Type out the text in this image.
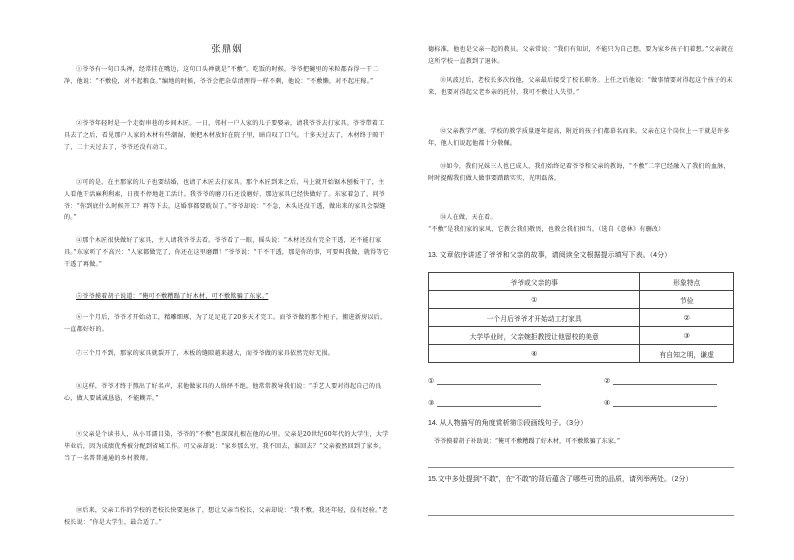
张鼎姻
①爷爷有一句口头禅，经常挂在嘴边，这句口头禅就是“不敷”。吃饭的时候，爷爷把碗里的米粒都吞得一干二净，他说：“不敷俭，对不起粮食。”编地的时候，爷爷会把杂草清理得一样不剩，他说：“不敷懒，对不起庄稼。”
②爷爷年轻时是一个走街串巷的乡间木匠。一日，邻村一户人家的儿子要娶亲，请我爷爷去打家具。爷爷带着工具去了之后，看见那户人家的木材有些潮湿，便把木材放好在院子里，暗自叹了口气。十多天过去了，木材终于晾干了，二十天过去了，爷爷还没有动工。
③可的是，在主那家的儿子也要结婚，也请了木匠去打家具。那个木匠到来之后，马上就开始锯木刨板干了，主人看他干活麻利利索，日夜不停地赶工活计。我爷爷的磨刀石还没磨好，那边家具已经快做好了。东家着急了，问爷爷：“你到底什么时候开工？再等下去，这婚事都要耽误了。”爷爷却说：“不急，木头还没干透，做出来的家具会裂缝的。”
④那个木匠很快做好了家具，主人请我爷爷去看。爷爷看了一眼，摇头说：“木材还没有完全干透，还不能打家具。”东家听了不高兴：“人家都做完了，你还在这里磨蹭！”爷爷说：“干不干透，那是你的事，可要叫我做，就得等它干透了再做。”
⑤爷爷摸着胡子说道：“俺可不敷糟蹋了好木材，可不敷欺骗了东家。”
⑥一个月后，爷爷才开始动工，精雕细琢，为了足足花了20多天才完工。而爷爷做的那个柜子，搬进新房以后，一直都好好的。
⑦三个月不到，那家的家具就裂开了，木板的缝隙越来越大，而爷爷做的家具依然完好无损。
⑧这样，爷爷才终于熬出了好名声，求他做家具的人络绎不绝。他常常教导我们说：“手艺人要对得起自己的良心，做人要诚诚恳恳，不能糊弄。”
⑨父亲是个读书人，从小耳濡目染，爷爷的“不敷”也深深扎根在他的心里。父亲是20世纪60年代的大学生，大学毕业后，因为成绩优秀被分配到省城工作。可父亲却说：“家乡那么穷，我不回去，谁回去？”父亲毅然回到了家乡，当了一名普普通通的乡村教师。
⑩后来，父亲工作的学校的老校长快要退休了，想让父亲当校长，父亲却说：“我不敷，我还年轻，没有经验。”老校长说：“你是大学生，最合适了。”
德标准，他也是父亲一起的教员。父亲常说：“我们有知识，不能只为自己想，要为家乡孩子们着想。”父亲就在这所学校一直教到了退休。
⑪风波过后，老校长多次找他，父亲最后接受了校长职务。上任之后他说：“做事情要对得起这个孩子的未来，也要对得起父老乡亲的托付，我可不敷让人失望。”
⑫父亲教学严谨，学校的教学质量逐年提高，附近的孩子们都慕名而来。父亲在这个岗位上一干就是许多年，他人们说起他都十分敬佩。
⑬如今，我们兄妹三人也已成人，我们始终记着爷爷和父亲的教诲，“不敷”二字已经融入了我们的血脉，时时提醒我们做人做事要踏踏实实、光明磊落。
⑭人在做，天在看。
“不敷”是我们家的家风，它教会我们敬畏，也教会我们担当。（选自《意林》有删改）
13. 文章依序讲述了爷爷和父亲的故事，请阅读全文根据提示填写下表。（4分）
爷爷或父亲的事	形象特点
①	节俭
一个月后爷爷才开始动工打家具	②
大学毕业时，父亲婉拒教授让他留校的美意	③
④	有自知之明，谦虚
①	②
③	④
14. 从人物描写的角度赏析第⑤段画线句子。（3分）
爷爷摸着胡子补助说：“俺可不敷糟蹋了好木材，可不敷欺骗了东家。”
15.文中多处提到“不敢”，在“不敢”的背后蕴含了哪些可贵的品质，请列举两处。（2分）
